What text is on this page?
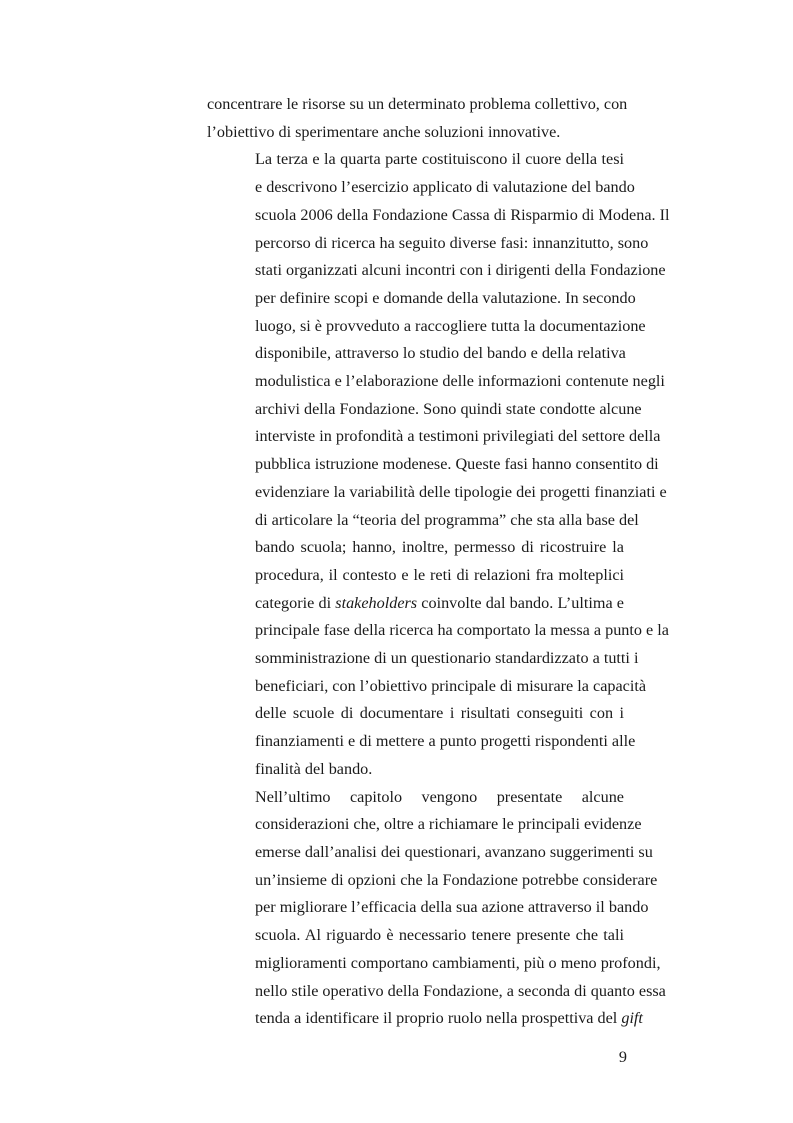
concentrare le risorse su un determinato problema collettivo, con
l’obiettivo di sperimentare anche soluzioni innovative.

La terza e la quarta parte costituiscono il cuore della tesi
e descrivono l’esercizio applicato di valutazione del bando
scuola 2006 della Fondazione Cassa di Risparmio di Modena. Il
percorso di ricerca ha seguito diverse fasi: innanzitutto, sono
stati organizzati alcuni incontri con i dirigenti della Fondazione
per definire scopi e domande della valutazione. In secondo
luogo, si è provveduto a raccogliere tutta la documentazione
disponibile, attraverso lo studio del bando e della relativa
modulistica e l’elaborazione delle informazioni contenute negli
archivi della Fondazione. Sono quindi state condotte alcune
interviste in profondità a testimoni privilegiati del settore della
pubblica istruzione modenese. Queste fasi hanno consentito di
evidenziare la variabilità delle tipologie dei progetti finanziati e
di articolare la “teoria del programma” che sta alla base del
bando scuola; hanno, inoltre, permesso di ricostruire la
procedura, il contesto e le reti di relazioni fra molteplici
categorie di stakeholders coinvolte dal bando. L’ultima e
principale fase della ricerca ha comportato la messa a punto e la
somministrazione di un questionario standardizzato a tutti i
beneficiari, con l’obiettivo principale di misurare la capacità
delle scuole di documentare i risultati conseguiti con i
finanziamenti e di mettere a punto progetti rispondenti alle
finalità del bando.

Nell’ultimo capitolo vengono presentate alcune
considerazioni che, oltre a richiamare le principali evidenze
emerse dall’analisi dei questionari, avanzano suggerimenti su
un’insieme di opzioni che la Fondazione potrebbe considerare
per migliorare l’efficacia della sua azione attraverso il bando
scuola. Al riguardo è necessario tenere presente che tali
miglioramenti comportano cambiamenti, più o meno profondi,
nello stile operativo della Fondazione, a seconda di quanto essa
tenda a identificare il proprio ruolo nella prospettiva del gift

9
